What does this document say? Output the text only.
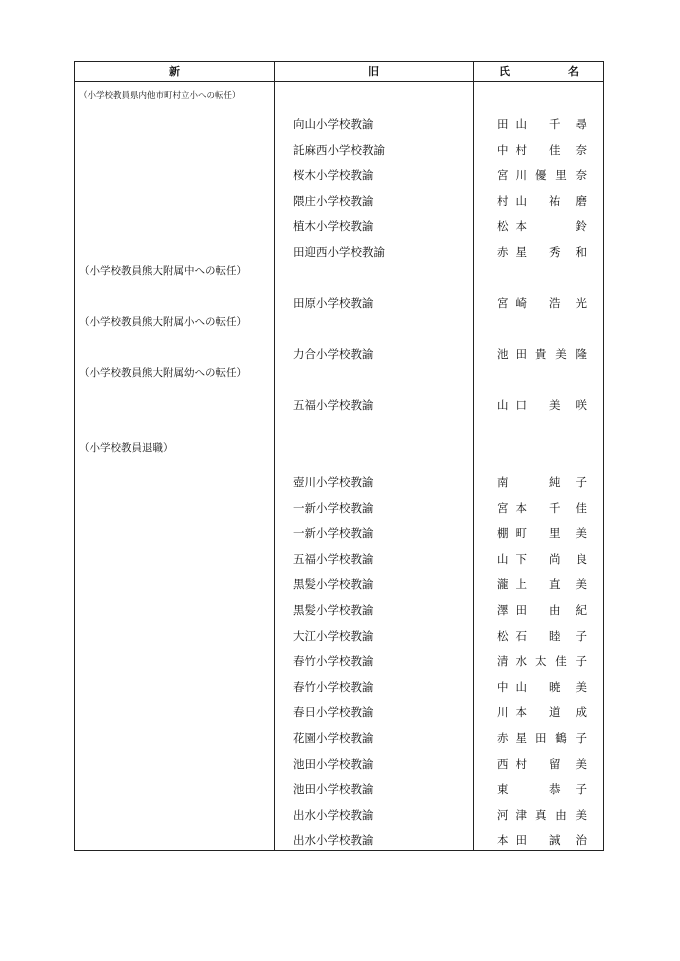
新	旧	氏	名
（小学校教員県内他市町村立小への転任）
向山小学校教諭	田 山 千 尋
託麻西小学校教諭	中 村 佳 奈
桜木小学校教諭	宮 川 優 里 奈
隈庄小学校教諭	村 山 祐 磨
植木小学校教諭	松 本	鈴
田迎西小学校教諭	赤 星 秀 和
（小学校教員熊大附属中への転任）
田原小学校教諭	宮 崎 浩 光
（小学校教員熊大附属小への転任）
力合小学校教諭	池 田 貴 美 隆
（小学校教員熊大附属幼への転任）
五福小学校教諭	山 口 美 咲
（小学校教員退職）
壺川小学校教諭	南	純 子
一新小学校教諭	宮 本 千 佳
一新小学校教諭	棚 町 里 美
五福小学校教諭	山 下 尚 良
黒髪小学校教諭	瀧 上 直 美
黒髪小学校教諭	澤 田 由 紀
大江小学校教諭	松 石 睦 子
春竹小学校教諭	清 水 太 佳 子
春竹小学校教諭	中 山 暁 美
春日小学校教諭	川 本 道 成
花園小学校教諭	赤 星 田 鶴 子
池田小学校教諭	西 村 留 美
池田小学校教諭	東	恭 子
出水小学校教諭	河 津 真 由 美
出水小学校教諭	本 田 誠 治
